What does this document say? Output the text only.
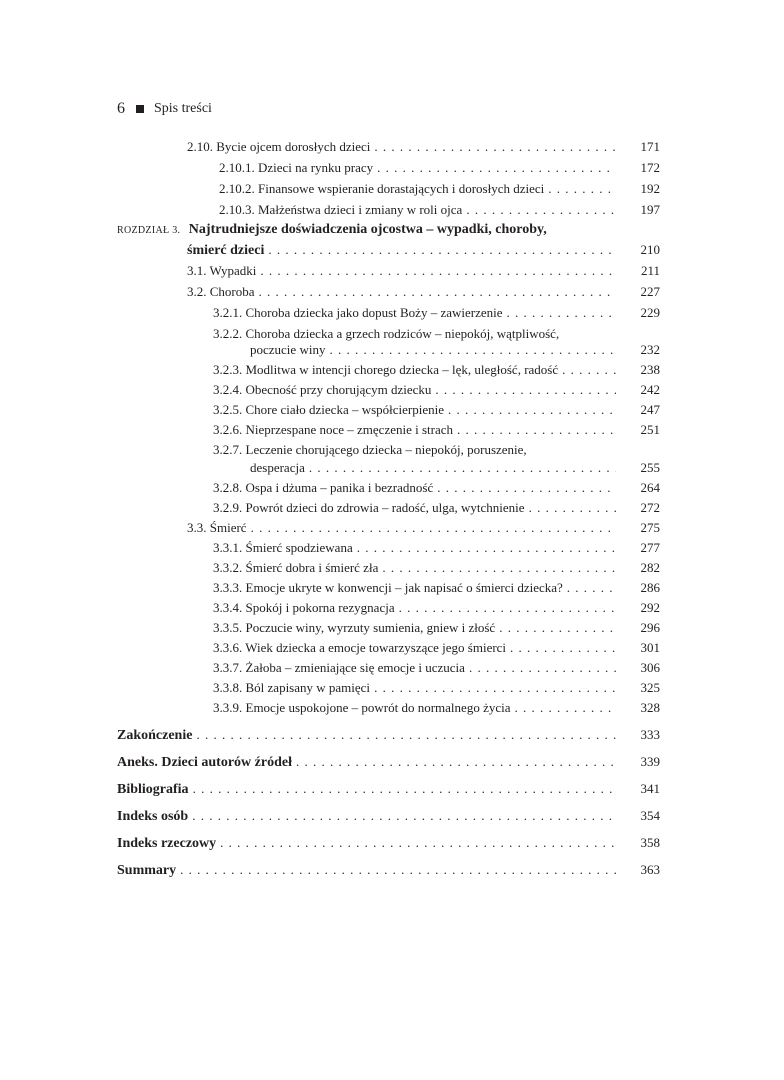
6 Spis treści
2.10. Bycie ojcem dorosłych dzieci . . .	171
2.10.1. Dzieci na rynku pracy . . .	172
2.10.2. Finansowe wspieranie dorastających i dorosłych dzieci . . .	192
2.10.3. Małżeństwa dzieci i zmiany w roli ojca . . .	197
ROZDZIAŁ 3. Najtrudniejsze doświadczenia ojcostwa – wypadki, choroby,
śmierć dzieci . . .	210
3.1. Wypadki . . .	211
3.2. Choroba . . .	227
3.2.1. Choroba dziecka jako dopust Boży – zawierzenie . . .	229
3.2.2. Choroba dziecka a grzech rodziców – niepokój, wątpliwość,
poczucie winy . . .	232
3.2.3. Modlitwa w intencji chorego dziecka – lęk, uległość, radość . . .	238
3.2.4. Obecność przy chorującym dziecku . . .	242
3.2.5. Chore ciało dziecka – współcierpienie . . .	247
3.2.6. Nieprzespane noce – zmęczenie i strach . . .	251
3.2.7. Leczenie chorującego dziecka – niepokój, poruszenie,
desperacja . . .	255
3.2.8. Ospa i dżuma – panika i bezradność . . .	264
3.2.9. Powrót dzieci do zdrowia – radość, ulga, wytchnienie . . .	272
3.3. Śmierć . . .	275
3.3.1. Śmierć spodziewana . . .	277
3.3.2. Śmierć dobra i śmierć zła . . .	282
3.3.3. Emocje ukryte w konwencji – jak napisać o śmierci dziecka? . . .	286
3.3.4. Spokój i pokorna rezygnacja . . .	292
3.3.5. Poczucie winy, wyrzuty sumienia, gniew i złość . . .	296
3.3.6. Wiek dziecka a emocje towarzyszące jego śmierci . . .	301
3.3.7. Żałoba – zmieniające się emocje i uczucia . . .	306
3.3.8. Ból zapisany w pamięci . . .	325
3.3.9. Emocje uspokojone – powrót do normalnego życia . . .	328
Zakończenie . . .	333
Aneks. Dzieci autorów źródeł . . .	339
Bibliografia . . .	341
Indeks osób . . .	354
Indeks rzeczowy . . .	358
Summary . . .	363
